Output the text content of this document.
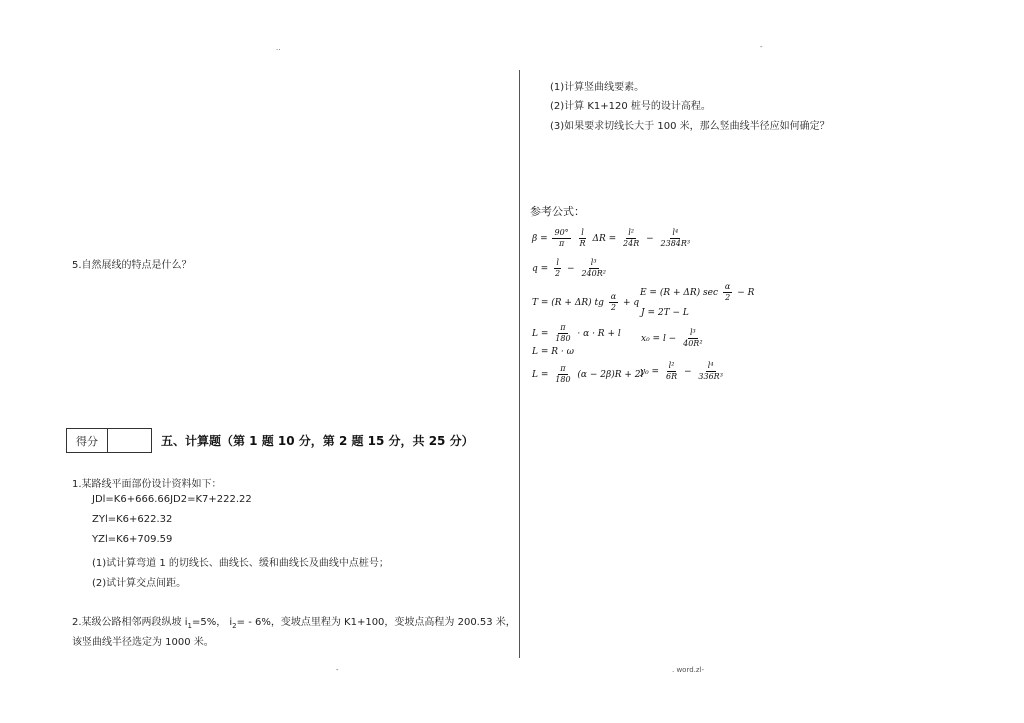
..	-
5.自然展线的特点是什么？
得分	五、计算题（第 1 题 10 分，第 2 题 15 分，共 25 分）
1.某路线平面部份设计资料如下：
JDl=K6+666.66JD2=K7+222.22
ZYl=K6+622.32
YZl=K6+709.59
(1)试计算弯道 1 的切线长、曲线长、缓和曲线长及曲线中点桩号；
(2)试计算交点间距。
2.某级公路相邻两段纵坡 $i_1=5\%$， $i_2= - 6\%$，变坡点里程为 K1+100，变坡点高程为 200.53 米，
该竖曲线半径选定为 1000 米。
(1)计算竖曲线要素。
(2)计算 K1+120 桩号的设计高程。
(3)如果要求切线长大于 100 米，那么竖曲线半径应如何确定？
参考公式：
$\beta = \frac{90^\circ}{\pi}$
$\frac{l}{R}$ $\Delta R = \frac{\text{l²}}{24R} - \frac{\text{l⁴}}{\text{2384R³}}$
$q = \frac{l}{2} - \frac{\text{l³}}{\text{240R²}}$
E = (R + ΔR) $\sec \frac{\alpha}{2} - R$
T = (R + ΔR) tg $\frac{\alpha}{2} + q$
J = 2T − L
$L = \frac{\pi}{180} \cdot \alpha \cdot R + l$ $x_0 = l - \frac{\text{l³}}{\text{40R²}}$
L = R · ω
$L = \frac{\pi}{180} (\alpha - 2\beta)R + 2l$
$y_0 = \frac{\text{l²}}{6R} - \frac{\text{l⁴}}{\text{336R³}}$
-	. word.zl-
